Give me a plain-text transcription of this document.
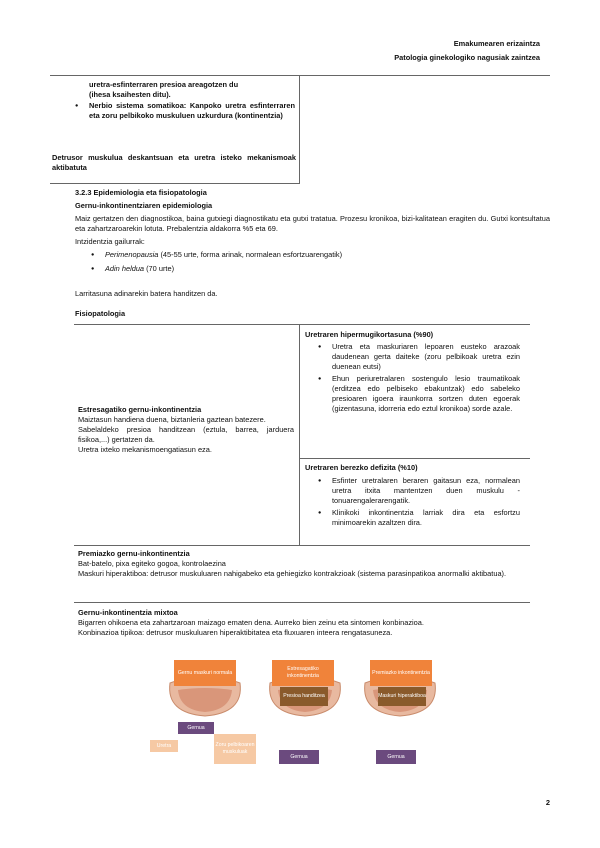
Emakumearen erizaintza
Patologia ginekologiko nagusiak zaintzea
uretra-esfinterraren presioa areagotzen du
(ihesa ksaihesten ditu).
● Nerbio sistema somatikoa: Kanpoko uretra esfinterraren eta zoru pelbikoko muskuluen uzkurdura (kontinentzia)
Detrusor muskulua deskantsuan eta uretra isteko mekanismoak aktibatuta
3.2.3 Epidemiologia eta fisiopatologia
Gernu-inkontinentziaren epidemiologia
Maiz gertatzen den diagnostikoa, baina gutxiegi diagnostikatu eta gutxi tratatua. Prozesu kronikoa, bizi-kalitatean eragiten du. Gutxi kontsultatua eta zahartzaroarekin lotuta. Prebalentzia aldakorra %5 eta 69.
Intzidentzia gailurrak:
● Perimenopausia (45-55 urte, forma arinak, normalean esfortzuarengatik)
● Adin heldua (70 urte)
Larritasuna adinarekin batera handitzen da.
Fisiopatologia
Estresagatiko gernu-inkontinentzia
Maiztasun handiena duena, biztanleria gaztean batezere.
Sabelaldeko presioa handitzean (eztula, barrea, jarduera fisikoa,...) gertatzen da.
Uretra ixteko mekanismoengatiasun eza.
Uretraren hipermugikortasuna (%90)
● Uretra eta maskuriaren lepoaren eusteko arazoak daudenean gerta daiteke (zoru pelbikoak uretra ezin duenean eutsi)
● Ehun periuretralaren sostengulo lesio traumatikoak (erditzea edo pelbiseko ebakuntzak) edo sabeleko presioaren igoera iraunkorra sortzen duten egoerak (gizentasuna, idorreria edo eztul kronikoa) sorde azale.
Uretraren berezko defizita (%10)
● Esfinter uretralaren beraren gaitasun eza, normalean uretra itxita mantentzen duen muskulu - tonuarengalerarengatik.
● Klinikoki inkontinentzia larriak dira eta esfortzu minimoarekin azaltzen dira.
Premiazko gernu-inkontinentzia
Bat-batelo, pixa egiteko gogoa, kontrolaezina
Maskuri hiperaktiboa: detrusor muskuluaren nahigabeko eta gehiegizko kontrakzioak (sistema parasinpatikoa anormalki aktibatua).
Gernu-inkontinentzia mixtoa
Bigarren ohikoena eta zahartzaroan maizago ematen dena. Aurreko bien zeinu eta sintomen konbinazioa.
Konbinazioa tipikoa: detrusor muskuluaren hiperaktibitatea eta fluxuaren inteera rengatasuneza.
Gernu maskuri normala
Estresagatiko inkontinentzia
Premiazko inkontinentzia
Presioa handitzea	Maskuri hiperaktiboa
Gernua
Uretra	Zoru pelbikoaren muskuluak
Gernua	Gernua
2
